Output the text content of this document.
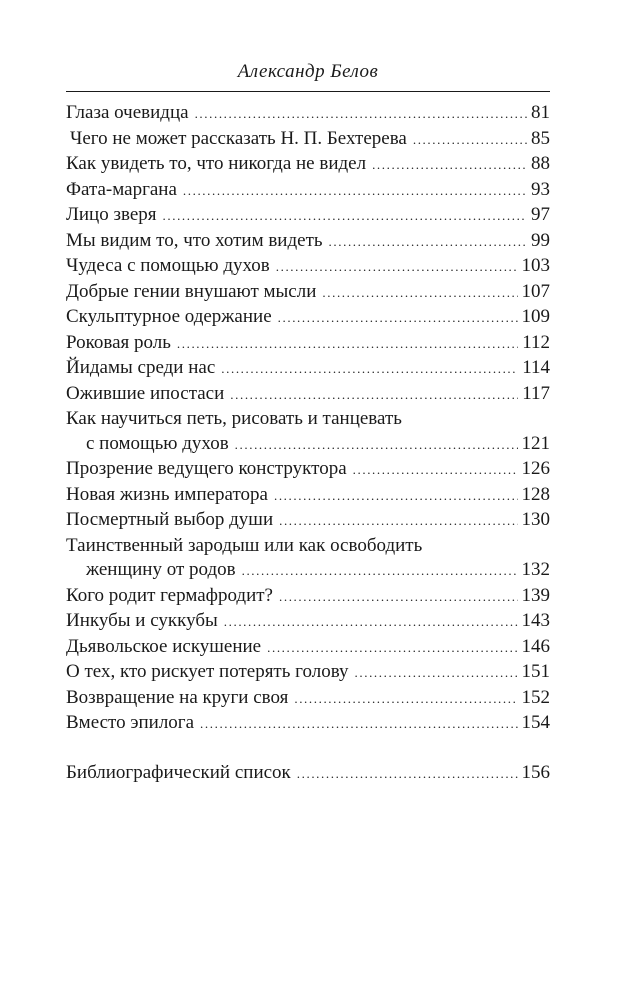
Александр Белов
Глаза очевидца .....	81
Чего не может рассказать Н. П. Бехтерева .....	85
Как увидеть то, что никогда не видел .....	88
Фата-маргана .....	93
Лицо зверя .....	97
Мы видим то, что хотим видеть .....	99
Чудеса с помощью духов .....	103
Добрые гении внушают мысли .....	107
Скульптурное одержание .....	109
Роковая роль .....	112
Йидамы среди нас .....	114
Ожившие ипостаси .....	117
Как научиться петь, рисовать и танцевать
с помощью духов .....	121
Прозрение ведущего конструктора .....	126
Новая жизнь императора .....	128
Посмертный выбор души .....	130
Таинственный зародыш или как освободить
женщину от родов .....	132
Кого родит гермафродит? .....	139
Инкубы и суккубы .....	143
Дьявольское искушение .....	146
О тех, кто рискует потерять голову .....	151
Возвращение на круги своя .....	152
Вместо эпилога .....	154
Библиографический список .....	156
